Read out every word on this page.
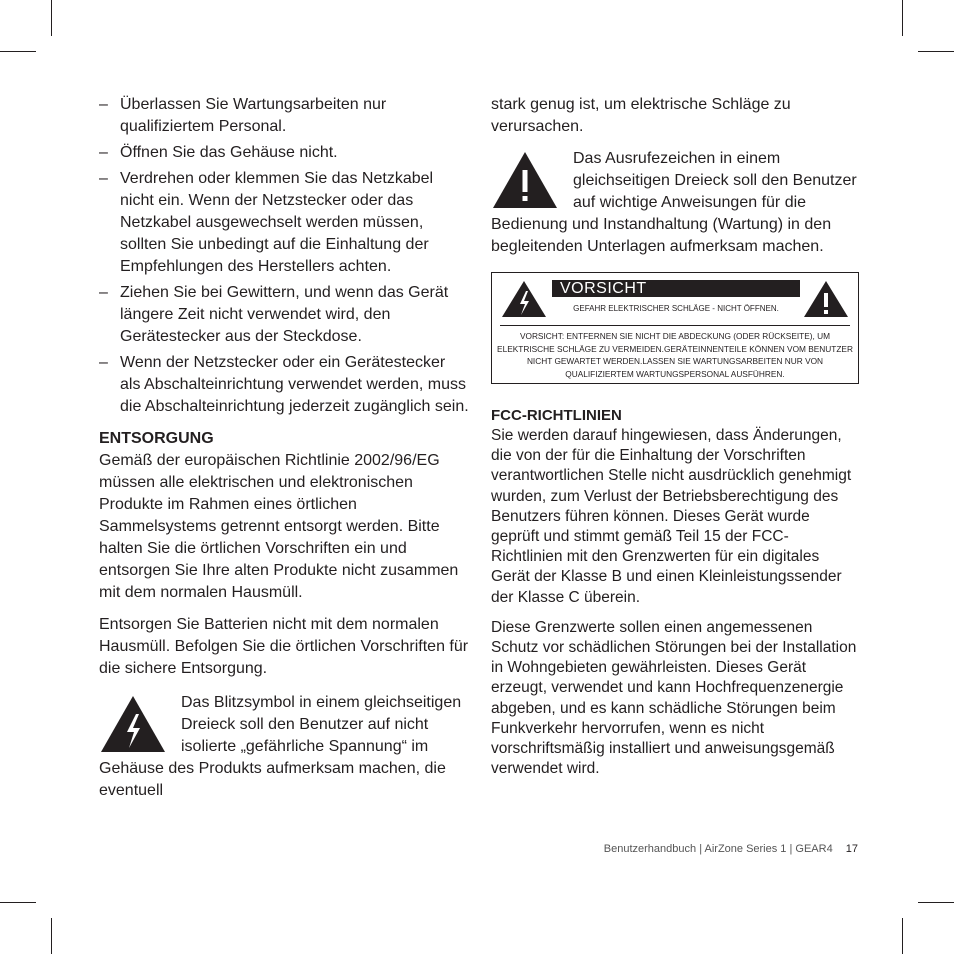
– Überlassen Sie Wartungsarbeiten nur qualifiziertem Personal.
– Öffnen Sie das Gehäuse nicht.
– Verdrehen oder klemmen Sie das Netzkabel nicht ein. Wenn der Netzstecker oder das Netzkabel ausgewechselt werden müssen, sollten Sie unbedingt auf die Einhaltung der Empfehlungen des Herstellers achten.
– Ziehen Sie bei Gewittern, und wenn das Gerät längere Zeit nicht verwendet wird, den Gerätestecker aus der Steckdose.
– Wenn der Netzstecker oder ein Gerätestecker als Abschalteinrichtung verwendet werden, muss die Abschalteinrichtung jederzeit zugänglich sein.

ENTSORGUNG

Gemäß der europäischen Richtlinie 2002/96/EG müssen alle elektrischen und elektronischen Produkte im Rahmen eines örtlichen Sammelsystems getrennt entsorgt werden. Bitte halten Sie die örtlichen Vorschriften ein und entsorgen Sie Ihre alten Produkte nicht zusammen mit dem normalen Hausmüll.

Entsorgen Sie Batterien nicht mit dem normalen Hausmüll. Befolgen Sie die örtlichen Vorschriften für die sichere Entsorgung.

Das Blitzsymbol in einem gleichseitigen Dreieck soll den Benutzer auf nicht isolierte „gefährliche Spannung“ im Gehäuse des Produkts aufmerksam machen, die eventuell

stark genug ist, um elektrische Schläge zu verursachen.

Das Ausrufezeichen in einem gleichseitigen Dreieck soll den Benutzer auf wichtige Anweisungen für die Bedienung und Instandhaltung (Wartung) in den begleitenden Unterlagen aufmerksam machen.
VORSICHT
GEFAHR ELEKTRISCHER SCHLÄGE - NICHT ÖFFNEN.
VORSICHT: ENTFERNEN SIE NICHT DIE ABDECKUNG (ODER RÜCKSEITE), UM ELEKTRISCHE SCHLÄGE ZU VERMEIDEN.GERÄTEINNENTEILE KÖNNEN VOM BENUTZER NICHT GEWARTET WERDEN.LASSEN SIE WARTUNGSARBEITEN NUR VON QUALIFIZIERTEM WARTUNGSPERSONAL AUSFÜHREN.

FCC-RICHTLINIEN

Sie werden darauf hingewiesen, dass Änderungen, die von der für die Einhaltung der Vorschriften verantwortlichen Stelle nicht ausdrücklich genehmigt wurden, zum Verlust der Betriebsberechtigung des Benutzers führen können. Dieses Gerät wurde geprüft und stimmt gemäß Teil 15 der FCC-Richtlinien mit den Grenzwerten für ein digitales Gerät der Klasse B und einen Kleinleistungssender der Klasse C überein.

Diese Grenzwerte sollen einen angemessenen Schutz vor schädlichen Störungen bei der Installation in Wohngebieten gewährleisten. Dieses Gerät erzeugt, verwendet und kann Hochfrequenzenergie abgeben, und es kann schädliche Störungen beim Funkverkehr hervorrufen, wenn es nicht vorschriftsmäßig installiert und anweisungsgemäß verwendet wird.

Benutzerhandbuch | AirZone Series 1 | GEAR4 17
